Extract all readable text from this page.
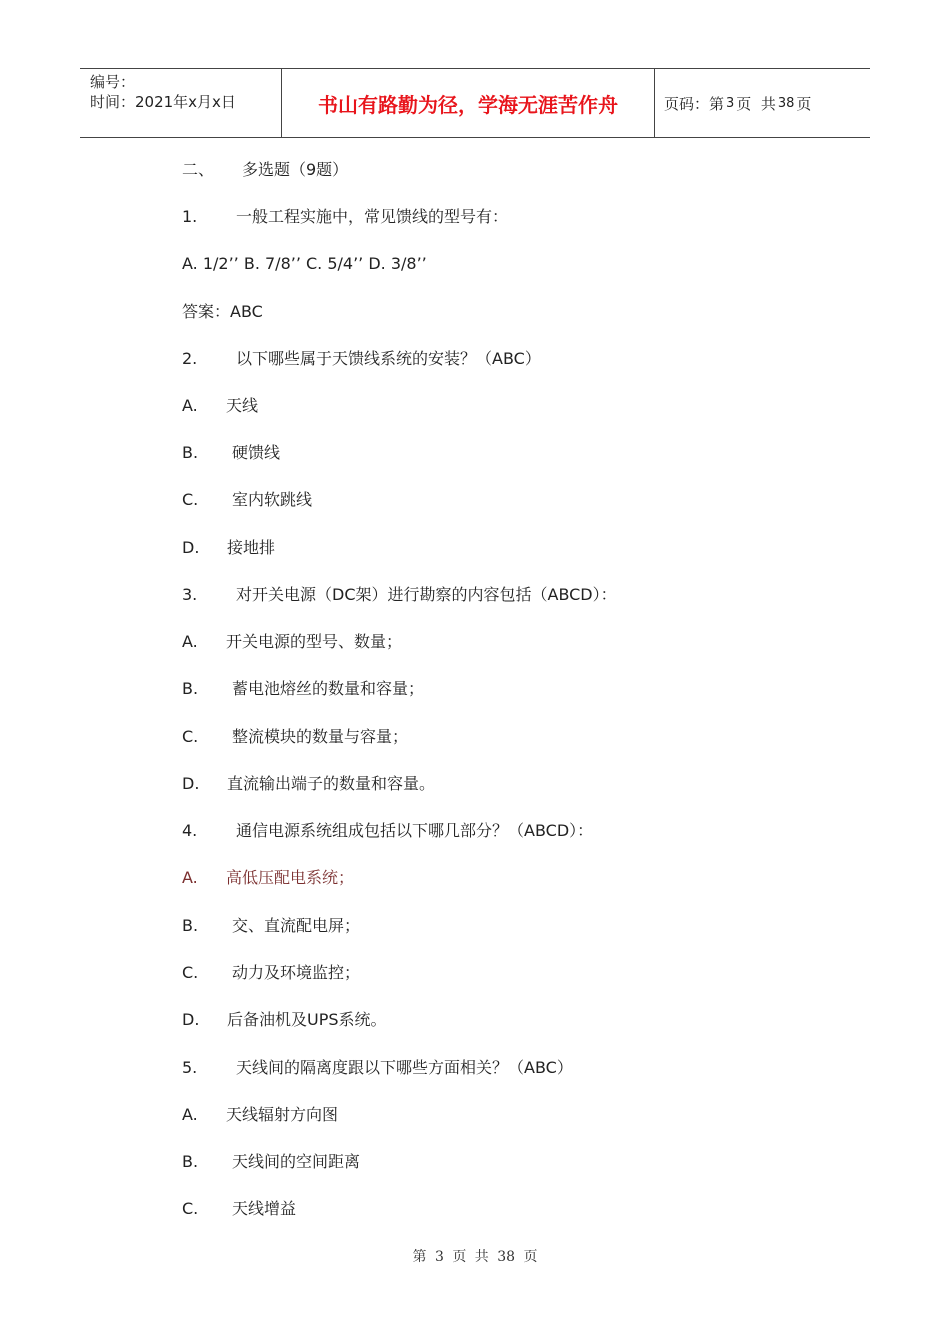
编号：
时间：2021年x月x日	书山有路勤为径，学海无涯苦作舟	页码：第 3 页  共 38 页
二、 多选题（9题）
1. 一般工程实施中，常见馈线的型号有：
A. 1/2’’ B. 7/8’’ C. 5/4’’ D. 3/8’’
答案：ABC
2. 以下哪些属于天馈线系统的安装？（ABC）
A. 天线
B. 硬馈线
C. 室内软跳线
D. 接地排
3. 对开关电源（DC架）进行勘察的内容包括（ABCD）：
A. 开关电源的型号、数量；
B. 蓄电池熔丝的数量和容量；
C. 整流模块的数量与容量；
D. 直流输出端子的数量和容量。
4. 通信电源系统组成包括以下哪几部分？（ABCD）：
A. 高低压配电系统；
B. 交、直流配电屏；
C. 动力及环境监控；
D. 后备油机及UPS系统。
5. 天线间的隔离度跟以下哪些方面相关？（ABC）
A. 天线辐射方向图
B. 天线间的空间距离
C. 天线增益
第 3 页 共 38 页
